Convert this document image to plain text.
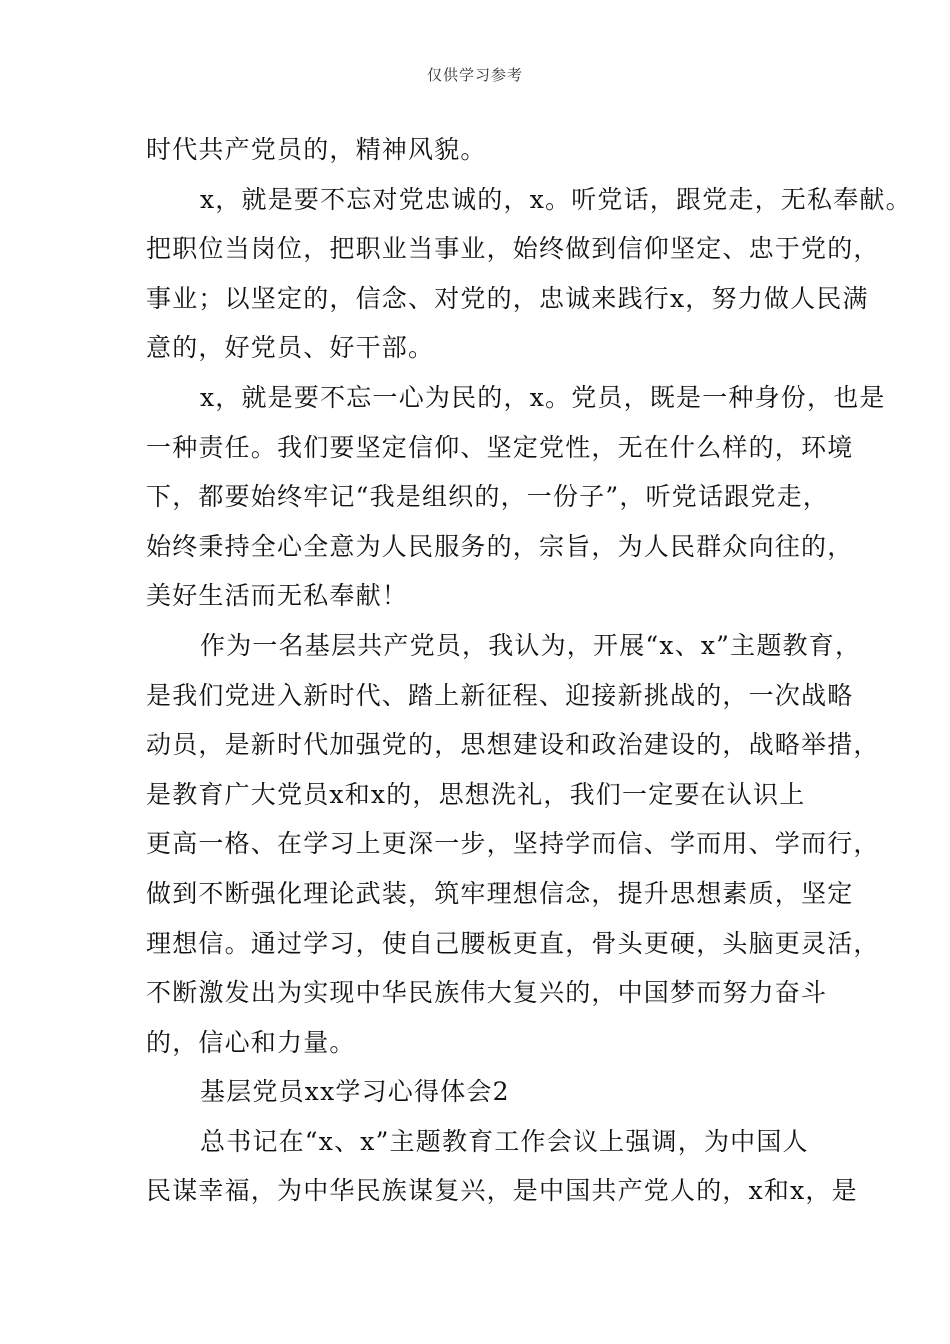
仅供学习参考
时代共产党员的，精神风貌。
x，就是要不忘对党忠诚的，x。听党话，跟党走，无私奉献。
把职位当岗位，把职业当事业，始终做到信仰坚定、忠于党的，
事业；以坚定的，信念、对党的，忠诚来践行x，努力做人民满
意的，好党员、好干部。
x，就是要不忘一心为民的，x。党员，既是一种身份，也是
一种责任。我们要坚定信仰、坚定党性，无在什么样的，环境
下，都要始终牢记“我是组织的，一份子”，听党话跟党走，
始终秉持全心全意为人民服务的，宗旨，为人民群众向往的，
美好生活而无私奉献！
作为一名基层共产党员，我认为，开展“x、x”主题教育，
是我们党进入新时代、踏上新征程、迎接新挑战的，一次战略
动员，是新时代加强党的，思想建设和政治建设的，战略举措，
是教育广大党员x和x的，思想洗礼，我们一定要在认识上
更高一格、在学习上更深一步，坚持学而信、学而用、学而行，
做到不断强化理论武装，筑牢理想信念，提升思想素质，坚定
理想信。通过学习，使自己腰板更直，骨头更硬，头脑更灵活，
不断激发出为实现中华民族伟大复兴的，中国梦而努力奋斗
的，信心和力量。
基层党员xx学习心得体会2
总书记在“x、x”主题教育工作会议上强调，为中国人
民谋幸福，为中华民族谋复兴，是中国共产党人的，x和x，是
